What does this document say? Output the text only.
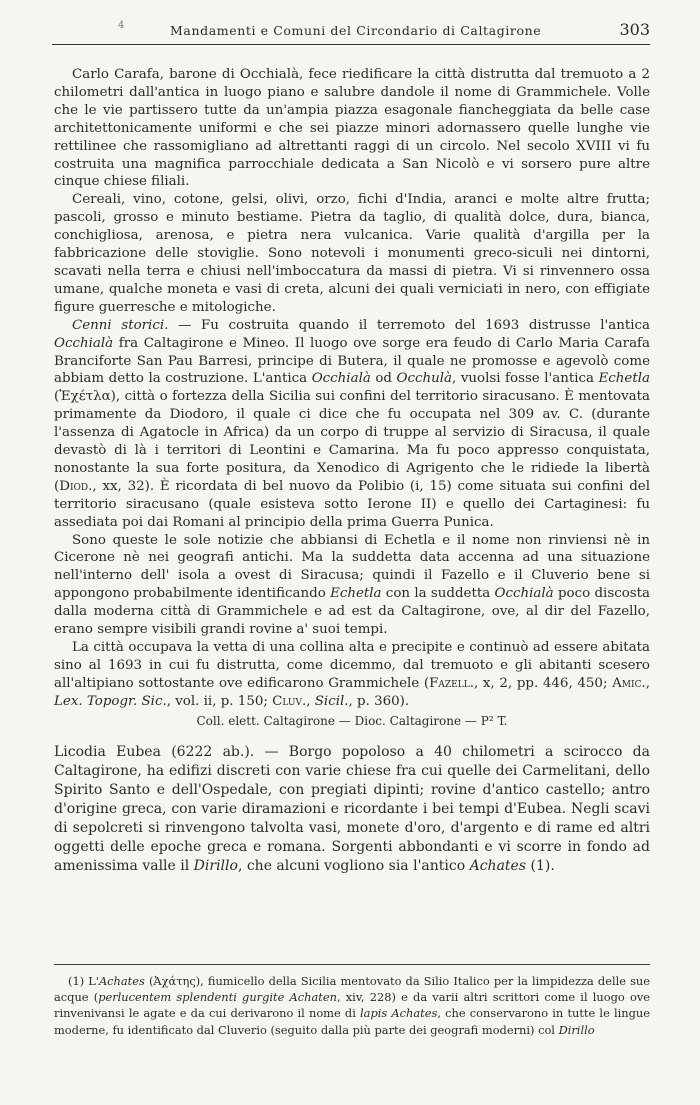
4	Mandamenti e Comuni del Circondario di Caltagirone	303

Carlo Carafa, barone di Occhialà, fece riedificare la città distrutta dal tremuoto a 2 chilometri dall'antica in luogo piano e salubre dandole il nome di Grammichele. Volle che le vie partissero tutte da un'ampia piazza esagonale fiancheggiata da belle case architettonicamente uniformi e che sei piazze minori adornassero quelle lunghe vie rettilinee che rassomigliano ad altrettanti raggi di un circolo. Nel secolo XVIII vi fu costruita una magnifica parrocchiale dedicata a San Nicolò e vi sorsero pure altre cinque chiese filiali.

Cereali, vino, cotone, gelsi, olivi, orzo, fichi d'India, aranci e molte altre frutta; pascoli, grosso e minuto bestiame. Pietra da taglio, di qualità dolce, dura, bianca, conchigliosa, arenosa, e pietra nera vulcanica. Varie qualità d'argilla per la fabbricazione delle stoviglie. Sono notevoli i monumenti greco-siculi nei dintorni, scavati nella terra e chiusi nell'imboccatura da massi di pietra. Vi si rinvennero ossa umane, qualche moneta e vasi di creta, alcuni dei quali verniciati in nero, con effigiate figure guerresche e mitologiche.

Cenni storici. — Fu costruita quando il terremoto del 1693 distrusse l'antica Occhialà fra Caltagirone e Mineo. Il luogo ove sorge era feudo di Carlo Maria Carafa Branciforte San Pau Barresi, principe di Butera, il quale ne promosse e agevolò come abbiam detto la costruzione. L'antica Occhialà od Occhulà, vuolsi fosse l'antica Echetla (Ἐχέτλα), città o fortezza della Sicilia sui confini del territorio siracusano. È mentovata primamente da Diodoro, il quale ci dice che fu occupata nel 309 av. C. (durante l'assenza di Agatocle in Africa) da un corpo di truppe al servizio di Siracusa, il quale devastò di là i territori di Leontini e Camarina. Ma fu poco appresso conquistata, nonostante la sua forte positura, da Xenodico di Agrigento che le ridiede la libertà (Diod., xx, 32). È ricordata di bel nuovo da Polibio (i, 15) come situata sui confini del territorio siracusano (quale esisteva sotto Ierone II) e quello dei Cartaginesi: fu assediata poi dai Romani al principio della prima Guerra Punica.

Sono queste le sole notizie che abbiansi di Echetla e il nome non rinviensi nè in Cicerone nè nei geografi antichi. Ma la suddetta data accenna ad una situazione nell'interno dell' isola a ovest di Siracusa; quindi il Fazello e il Cluverio bene si appongono probabilmente identificando Echetla con la suddetta Occhialà poco discosta dalla moderna città di Grammichele e ad est da Caltagirone, ove, al dir del Fazello, erano sempre visibili grandi rovine a' suoi tempi.

La città occupava la vetta di una collina alta e precipite e continuò ad essere abitata sino al 1693 in cui fu distrutta, come dicemmo, dal tremuoto e gli abitanti scesero all'altipiano sottostante ove edificarono Grammichele (Fazell., x, 2, pp. 446, 450; Amic., Lex. Topogr. Sic., vol. ii, p. 150; Cluv., Sicil., p. 360).

Coll. elett. Caltagirone — Dioc. Caltagirone — P² T.

Licodia Eubea (6222 ab.). — Borgo popoloso a 40 chilometri a scirocco da Caltagirone, ha edifizi discreti con varie chiese fra cui quelle dei Carmelitani, dello Spirito Santo e dell'Ospedale, con pregiati dipinti; rovine d'antico castello; antro d'origine greca, con varie diramazioni e ricordante i bei tempi d'Eubea. Negli scavi di sepolcreti si rinvengono talvolta vasi, monete d'oro, d'argento e di rame ed altri oggetti delle epoche greca e romana. Sorgenti abbondanti e vi scorre in fondo ad amenissima valle il Dirillo, che alcuni vogliono sia l'antico Achates (1).

(1) L'Achates (Ἀχάτης), fiumicello della Sicilia mentovato da Silio Italico per la limpidezza delle sue acque (perlucentem splendenti gurgite Achaten, xiv, 228) e da varii altri scrittori come il luogo ove rinvenivansi le agate e da cui derivarono il nome di lapis Achates, che conservarono in tutte le lingue moderne, fu identificato dal Cluverio (seguito dalla più parte dei geografi moderni) col Dirillo
